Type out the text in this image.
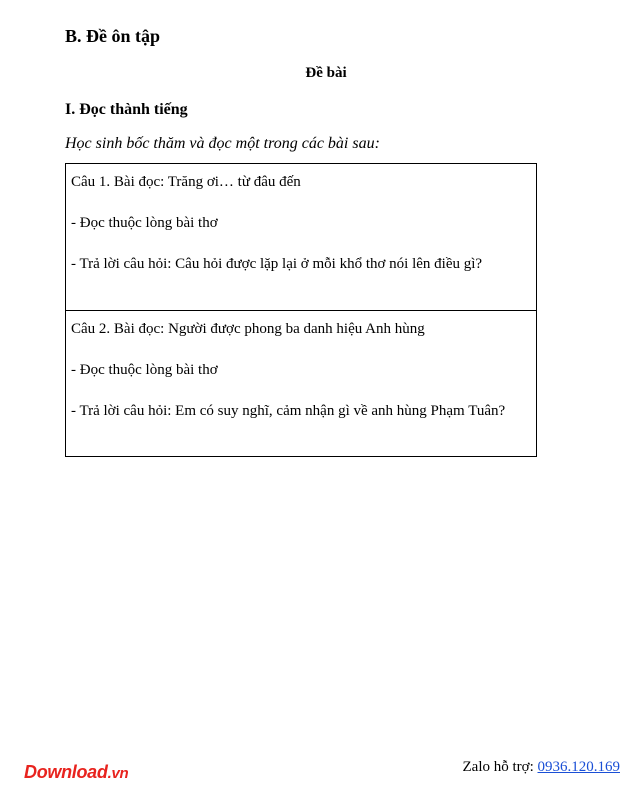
B. Đề ôn tập
Đề bài
I. Đọc thành tiếng

Học sinh bốc thăm và đọc một trong các bài sau:

Câu 1. Bài đọc: Trăng ơi… từ đâu đến

- Đọc thuộc lòng bài thơ

- Trả lời câu hỏi: Câu hỏi được lặp lại ở mỗi khổ thơ nói lên điều gì?

Câu 2. Bài đọc: Người được phong ba danh hiệu Anh hùng

- Đọc thuộc lòng bài thơ

- Trả lời câu hỏi: Em có suy nghĩ, cảm nhận gì về anh hùng Phạm Tuân?

Download.vn	Zalo hỗ trợ: 0936.120.169
